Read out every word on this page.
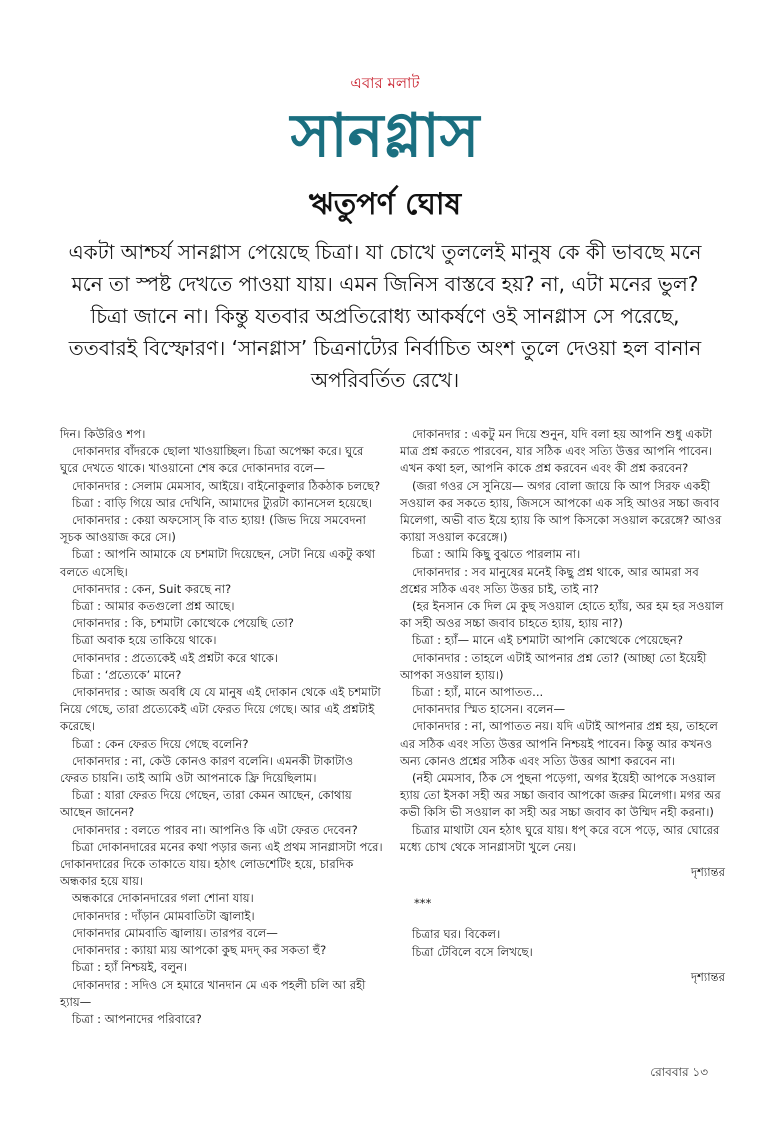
এবার মলাট
সানগ্লাস
ঋতুপর্ণ ঘোষ
একটা আশ্চর্য সানগ্লাস পেয়েছে চিত্রা। যা চোখে তুললেই মানুষ কে কী ভাবছে মনে মনে তা স্পষ্ট দেখতে পাওয়া যায়। এমন জিনিস বাস্তবে হয়? না, এটা মনের ভুল? চিত্রা জানে না। কিন্তু যতবার অপ্রতিরোধ্য আকর্ষণে ওই সানগ্লাস সে পরেছে, ততবারই বিস্ফোরণ। ‘সানগ্লাস’ চিত্রনাট্যের নির্বাচিত অংশ তুলে দেওয়া হল বানান অপরিবর্তিত রেখে।

দিন। কিউরিও শপ।

দোকানদার বাঁদরকে ছোলা খাওয়াচ্ছিল। চিত্রা অপেক্ষা করে। ঘুরে ঘুরে দেখতে থাকে। খাওয়ানো শেষ করে দোকানদার বলে—

দোকানদার : সেলাম মেমসাব, আইয়ে। বাইনোকুলার ঠিকঠাক চলছে?

চিত্রা : বাড়ি গিয়ে আর দেখিনি, আমাদের ট্যুরটা ক্যানসেল হয়েছে।

দোকানদার : কেয়া অফসোস্ কি বাত হ্যায়! (জিভ দিয়ে সমবেদনা সূচক আওয়াজ করে সে।)

চিত্রা : আপনি আমাকে যে চশমাটা দিয়েছেন, সেটা নিয়ে একটু কথা বলতে এসেছি।

দোকানদার : কেন, Suit করছে না?

চিত্রা : আমার কতগুলো প্রশ্ন আছে।

দোকানদার : কি, চশমাটা কোত্থেকে পেয়েছি তো?

চিত্রা অবাক হয়ে তাকিয়ে থাকে।

দোকানদার : প্রত্যেকেই এই প্রশ্নটা করে থাকে।

চিত্রা : ‘প্রত্যেকে’ মানে?

দোকানদার : আজ অবধি যে যে মানুষ এই দোকান থেকে এই চশমাটা নিয়ে গেছে, তারা প্রত্যেকেই এটা ফেরত দিয়ে গেছে। আর এই প্রশ্নটাই করেছে।

চিত্রা : কেন ফেরত দিয়ে গেছে বলেনি?

দোকানদার : না, কেউ কোনও কারণ বলেনি। এমনকী টাকাটাও ফেরত চায়নি। তাই আমি ওটা আপনাকে ফ্রি দিয়েছিলাম।

চিত্রা : যারা ফেরত দিয়ে গেছেন, তারা কেমন আছেন, কোথায় আছেন জানেন?

দোকানদার : বলতে পারব না। আপনিও কি এটা ফেরত দেবেন?

চিত্রা দোকানদারের মনের কথা পড়ার জন্য এই প্রথম সানগ্লাসটা পরে। দোকানদারের দিকে তাকাতে যায়। হঠাৎ লোডশেটিং হয়ে, চারদিক অন্ধকার হয়ে যায়।

অন্ধকারে দোকানদারের গলা শোনা যায়।

দোকানদার : দাঁড়ান মোমবাতিটা জ্বালাই।

দোকানদার মোমবাতি জ্বালায়। তারপর বলে—

দোকানদার : ক্যায়া ম্যয় আপকো কুছ মদদ্ কর সকতা হুঁ?

চিত্রা : হ্যাঁ নিশ্চয়ই, বলুন।

দোকানদার : সদিও সে হমারে খানদান মে এক পহলী চলি আ রহী হ্যায়—

চিত্রা : আপনাদের পরিবারে?

দোকানদার : একটু মন দিয়ে শুনুন, যদি বলা হয় আপনি শুধু একটা মাত্র প্রশ্ন করতে পারবেন, যার সঠিক এবং সত্যি উত্তর আপনি পাবেন। এখন কথা হল, আপনি কাকে প্রশ্ন করবেন এবং কী প্রশ্ন করবেন?

(জরা গওর সে সুনিয়ে— অগর বোলা জায়ে কি আপ সিরফ একহী সওয়াল কর সকতে হ্যায়, জিসসে আপকো এক সহি আওর সচ্চা জবাব মিলেগা, অভী বাত ইয়ে হ্যায় কি আপ কিসকো সওয়াল করেঙ্গে? আওর ক্যায়া সওয়াল করেঙ্গে।)

চিত্রা : আমি কিছু বুঝতে পারলাম না।

দোকানদার : সব মানুষের মনেই কিছু প্রশ্ন থাকে, আর আমরা সব প্রশ্নের সঠিক এবং সত্যি উত্তর চাই, তাই না?

(হর ইনসান কে দিল মে কুছ সওয়াল হোতে হ্যাঁয়, অর হম হর সওয়াল কা সহী অওর সচ্চা জবাব চাহতে হ্যায়, হ্যায় না?)

চিত্রা : হ্যাঁ— মানে এই চশমাটা আপনি কোত্থেকে পেয়েছেন?

দোকানদার : তাহলে এটাই আপনার প্রশ্ন তো? (আচ্ছা তো ইয়েহী আপকা সওয়াল হ্যায়।)

চিত্রা : হ্যাঁ, মানে আপাতত...

দোকানদার স্মিত হাসেন। বলেন—

দোকানদার : না, আপাতত নয়। যদি এটাই আপনার প্রশ্ন হয়, তাহলে এর সঠিক এবং সত্যি উত্তর আপনি নিশ্চয়ই পাবেন। কিন্তু আর কখনও অন্য কোনও প্রশ্নের সঠিক এবং সত্যি উত্তর আশা করবেন না।

(নহী মেমসাব, ঠিক সে পুছনা পড়েগা, অগর ইয়েহী আপকে সওয়াল হ্যায় তো ইসকা সহী অর সচ্চা জবাব আপকো জরুর মিলেগা। মগর অর কভী কিসি ভী সওয়াল কা সহী অর সচ্চা জবাব কা উম্মিদ নহী করনা।)

চিত্রার মাথাটা যেন হঠাৎ ঘুরে যায়। ধপ্ করে বসে পড়ে, আর ঘোরের মধ্যে চোখ থেকে সানগ্লাসটা খুলে নেয়।

দৃশ্যান্তর

***

চিত্রার ঘর। বিকেল।

চিত্রা টেবিলে বসে লিখছে।

দৃশ্যান্তর

রোববার ১৩
